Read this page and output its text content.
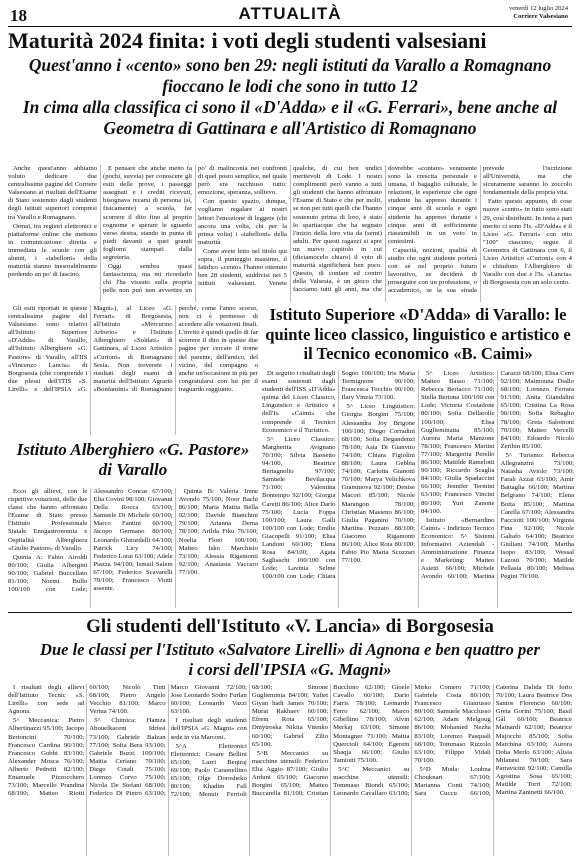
18	ATTUALITÀ	venerdì 12 luglio 2024
Corriere Valsesiano
Maturità 2024 finita: i voti degli studenti valsesiani
Quest'anno i «cento» sono ben 29: negli istituti da Varallo a Romagnano fioccano le lodi che sono in tutto 12
In cima alla classifica ci sono il «D'Adda» e il «G. Ferrari», bene anche al Geometra di Gattinara e all'Artistico di Romagnano

Anche quest'anno abbiamo voluto dedicare due centralissime pagine del Corriere Valsesiano ai risultati dell'Esame di Stato sostenuto dagli studenti degli istituti superiori compresi tra Varallo e Romagnano.

Ormai, tra registri elettronici e piattaforme online che mettono in comunicazione diretta e immediata le scuole con gli alunni, i «tabelloni» della maturità stanno inesorabilmente perdendo un po' di fascino.

E pensare che anche meno fa (pochi, suvvia) per conoscere gli esiti delle prove, i passeggi assegnati e i crediti ricevuti, bisognava recarsi di persona (sì, fisicamente) a scuola, far scorrere il dito fino al proprio cognome e sperare le sguardo verso destra, stando in punta di piedi davanti a quei grandi fogliomi stampati dalla segreteria.

Oggi sembra quasi fantascienza, ma mi ricordarlo chi l'ha vissuto sulla propria pelle non può non avvertire un po' di malinconia nei confronti di quel posto semplice, nel quale però era racchiuso tutto: emozione, speranza, sollievo.

Con questo spazio, dunque, vogliamo regalare ai nostri lettori l'emozione di leggere (chi ancora una volta, chi per la prima volta) i «tabelloni» della maturità.

Come avete letto nel titolo qui sopra, il punteggio massimo, il fatidico «cento» l'hanno ottenuto ben 28 studenti, suddivisi nei 5 istituti valsesiani. Venete qualche, di cui ben undici meritevoli di Lode. I nostri complimenti però vanno a tutti gli studenti che hanno affrontato l'Esame di Stato e che per molti, se non per tutti quelli che l'hanno sostenuto prima di loro, è stato lo spartiacque che ha segnato l'inizio della loro vita da (semi) adulti. Per questi ragazzi si apre un nuovo capitolo in cui (diciamocelo chiaro) il voto di maturità significherà ben poco. Questo, di contare ed contro della Valsesia, è un gioco che facciamo tutti gli anni, ma che dovrebbe «contare» veramente sono la crescita personale e umana, il bagaglio culturale, le relazioni, le esperienze che ogni studente ha appreso durante i cinque anni di scuola e ogni studente ha appreso durante i cinque anni di sofficimente riassumibili in un voto in centesimi.

Capacità, nozioni, qualità di studio che ogni studente porterà con sé nel proprio futuro lavorativo, se deciderà di proseguire con un professione, o accademico, se la sua strada prevede l'iscrizione all'Università, ma che sicuramente saranno lo zoccolo fondamentale della propria vita.

Fatto questo appunto, di cose nuove «cento» in tutto sono stati 29, così distribuiti. In testa a pari merito ci sono l'Is. «D'Adda» e il Liceo «G. Ferrari» con otto "100" ciascuno, segue il Geometra di Gattinara con 6, il Liceo Artistico «Curioni» con 4 e chiudono l'Alberghiero di Varallo con due e l'Is. «Lancia» di Borgosesia con un solo cento.

Istituto Superiore «D'Adda» di Varallo: le quinte liceo classico, linguistico e artistico e il Tecnico economico «B. Caimi»
Istituto Alberghiero «G. Pastore» di Varallo

Gli esiti riportati in queste centralissime pagine del Valsesiano sono relativi all'Istituto Superiore «D'Adda» di Varallo, all'Istituto Alberghiero «G. Pastore» di Varallo, all'IIS «Vincenzo Lancia» di Borgosesia (che comprende i due plessi dell'ITIS «S. Lirelli» e dell'IPSIA «G. Magni»), al Liceo «G. Ferrari» di Borgosesia, all'Istituto «Mercurino Arborio» e l'Istituto Alberghiero «Soldati» di Gattinara, al Liceo Artistico «Curioni» di Romagnano Sesia. Non troverete i risultati degli esami di maturità dell'Istituto Agrario «Bonfantini» di Romagnano perché, come l'anno scorso, non ci è permesso di accedere alle votazioni finali. L'invito è quindi quello di far scorrere il dito in queste due pagine per cercare il nome del parente, dell'amico, del vicino, del compagno o anche un'occasione in più per congratularsi con lui per il traguardo raggiunto.

Ecco gli allievi, con le rispettive votazioni, delle due classi che hanno affrontato l'Esame di Stato presso l'Istituto Professionale Statale Enogastronomia e Ospitalità Alberghiera «Giulio Pastore» di Varallo.

Quinta A: Fabio Airoldi 80/100; Giulia Albergini 90/100; Gabriel Buccellato 81/100; Noemi Bullo 100/100 con Lode; Alessandro Concas 67/100; Elia Covini 98/100; Giovanni Della Rocca 63/100; Samuele Di Michele 60/100; Marco Fantini 60/100; Jacopo Germano 80/100; Leonardo Ghirardelli 64/100; Patrick Licy 74/100; Federico Lorai 63/100; Adele Piazza 94/100; Ismail Salem 67/100; Federico Scavarelli 70/100; Francesco Viotti assente.

Quinta B: Valeria Irene Avondo 75/100; Noor Bachi 86/100; Maria Mattia Bella 92/100; Davide Bianchini 79/100; Arianna Dema 78/100; Arilda Fiku 76/100; Noelia Floto 100/100; Matteo Isko Marchisio 73/100; Alessia Rigamonti 92/100; Anastasia Vaccaro 77/100.

Di seguito i risultati degli esami sostenuti dagli studenti dell'ISS «D'Adda» quinta del Liceo Classico, Linguistico e Artistico e dell'Is. «Caimi» che comprende il Tecnico Economico e il Turistico.

5^ Liceo Classico: Margherita Avignano 70/100; Silvia Bassetto 94/100, Beatrice Bertagnolio 97/100; Samuele Bevilacqua 71/100; Valentina Bontempo 92/100; Giorgia Caretti 86/100; Alice Dario 75/100; Lucia Foppa 100/100; Laura Galli 100/100 con Lode; Emilie Giacopelli 91/100; Elisa Landoni 60/100; Elena Rosa 84/100; Agata Sagliaschi 100/100 con Lode; Lavinia Selme 100/100 con Lode; Chiara Sogno 100/100; Iris Maria Termignone 90/100; Francesca Tocchio 90/100; Ilary Vinzia 73/100.

5^ Liceo Linguistico: Giorgia Borgini 75/100; Alessandra Joy Brigone 100/100; Diego Corradini 68/100; Sofia Degandenzi 78/100; Asia Di Gianvito 74/100; Chiara Figiolini 88/100; Laura Gebbia 74/100; Carlotta Gianotti 70/100; Marya Velichkova Grammova 92/100; Denise Macori 85/100; Nicole Marangon 78/100; Christian Masieno 86/100; Giulia Paganini 70/100; Martina Pezzato 88/100; Giacomo Rigamonti 86/100; Alice Rota 80/100; Fabio Pio Maria Scozzari 77/100.

5^ Liceo Artistico: Matteo Basso 71/100; Rebecca Bertacco 71/100; Stella Bertona 100/100 con Lode; Victoria Costadone 80/100; Sofia Dellarolle 100/100; Elisa Guglieminatta 85/100; Aurora Maria Manzone 78/100; Francesco Martini 77/100; Margerita Perello 86/100; Mattilde Ramelotti 90/100; Riccardo Scaglia 84/100; Giulia Spadaccini 66/100; Jennifer Termini 63/100; Francesco Vincini 80/100; Yuri Zanone 84/100.

Istituto «Bernardino Caimi» - Indirizzo Tecnico Economico: 5^ Sistemi Informativi Aziendali - Amministrazione Finanza e Marketing: Matteo Asietti 66/100; Michele Avondo 60/100; Martina Carazzi 68/100; Elisa Cerri 92/100; Maimouna Diallo 68/100; Lorenzo Ferrara 91/100; Anita Giandalini 65/100; Cristina La Rosa 90/100; Sofia Rebaglio 78/100; Greta Salomoni 70/100; Matteo Vercelli 84/100; Edoardo Nicolò Zeribin 85/100.

5^ Turismo: Rebecca Allegranzini 73/100; Natasha Aviolo 73/100; Farah Azzai 63/100; Amir Battaglia 66/100; Martina Belgrano 74/100; Elena Botta 85/100; Martina Carella 67/100; Alessandra Facciotti 100/100; Virginia Fina 92/100; Nicole Galtafo 64/100; Beatrice Giuliani 74/100; Martha Isopo 83/100; Wessal Lazoui 70/100; Matilde Pellasia 80/100; Melissa Pegini 70/100.

Gli studenti dell'Istituto «V. Lancia» di Borgosesia
Due le classi per l'Istituto «Salvatore Lirelli» di Agnona e ben quattro per i corsi dell'IPSIA «G. Magni»

I risultati degli allievi dell'Istituto Tecnic «S. Lirelli» con sede ad Agnona.

5^ Meccanica: Pietro Albertinazzi 95/100; Jacopo Bertoncini 70/100; Francesco Cardina 90/100; Francesco Gobbi 83/100; Alexander Mosca 76/100; Alberto Pedretti 82/100; Emanuele Pizzocchero 73/100; Marcello Prandina 68/100; Matteo Riotti 60/100; Nicolò Tinti 68/100; Pietro Angelo Vecchio 81/100; Marco Vertua 74/100.

5^ Chimica: Hamza Abouelkacem Idrissi 73/100; Gabriele Balzan 77/100; Sofia Bera 93/100; Gabriele Buzzi 100/100; Mattia Ceriano 70/100; Diego Cotali 75/100; Lorenzo Corvo 75/100; Nicola De Stefani 68/100; Federico Di Pietro 63/100; Marco Giovanni 72/100; Jose Leonardo Sodro Furlan 60/100; Leonardo Vazzi 63/100.

I risultati degli studenti dell'IPSIA «G. Magni» con sede in via Marconi.

5^A Elettronici Elettronici: Cesare Bellini 65/100; Lazri Beqiraj 69/100; Paolo Caramellino 65/100; Olge Dorosheko 80/100; Khadim Fall 72/100; Menuir Ferrioli 68/100; Simone Guglieminia 84/100; Yafiet Giyan hadi James 70/100; Murat Rakhaev 60/100; Efrem Rota 65/100; Dmytroska Nikita Vitenko 60/100; Gabriel Zilio 65/100.

5^B Meccanici su macchine utensili: Federico Elia Aggio 87/100; Giulio Arduni 65/100; Giacomo Borgini 65/100; Matteo Buccarella 81/100; Cristian Bucchino 62/100; Gioele Cavallo 60/100; Dario Farris 78/100; Leonardo Ferro 62/100; Marco Gibellino 78/100; Alvin Merkaj 63/100; Simone Montagner 71/100; Mattia Quercioli 64/100; Egerem Shaqja 66/100; Giulio Tamiotti 75/100.

5^C Meccanici su macchine utensili: Tommaso Biondi 65/100; Leonardo Cavallaro 63/100; Mirko Comero 71/100; Gabriele Costa 80/100; Francesco Gianrusso 80/100; Samuele Macclusso 62/100; Adam Melgoug 86/100; Mohamed Nezha 83/100; Lorenzo Pasquali 68/100; Tommaso Rizzolo 63/100; Filippo Vidali 70/100.

5^D Moda: Loubna Chouknari 67/100; Marianna Conti 74/100; Sara Cuccu 66/100; Caterina Dalida Di Iorio 70/100; Laura Beatrice Dos Santos Florencio 60/100; Greta Gorini 75/100; Basil Gál 60/100; Beatrice Mainardi 62/100; Beatrice Majocchi 85/100; Sofia Marchina 63/100; Aurora Doha Merlo 63/100; Alisia Milanesi 70/100; Sara Parravicini 92/100; Camilla Agostina Sosa 65/100; Matilde Torri 72/100; Martina Zaninetti 66/100.
